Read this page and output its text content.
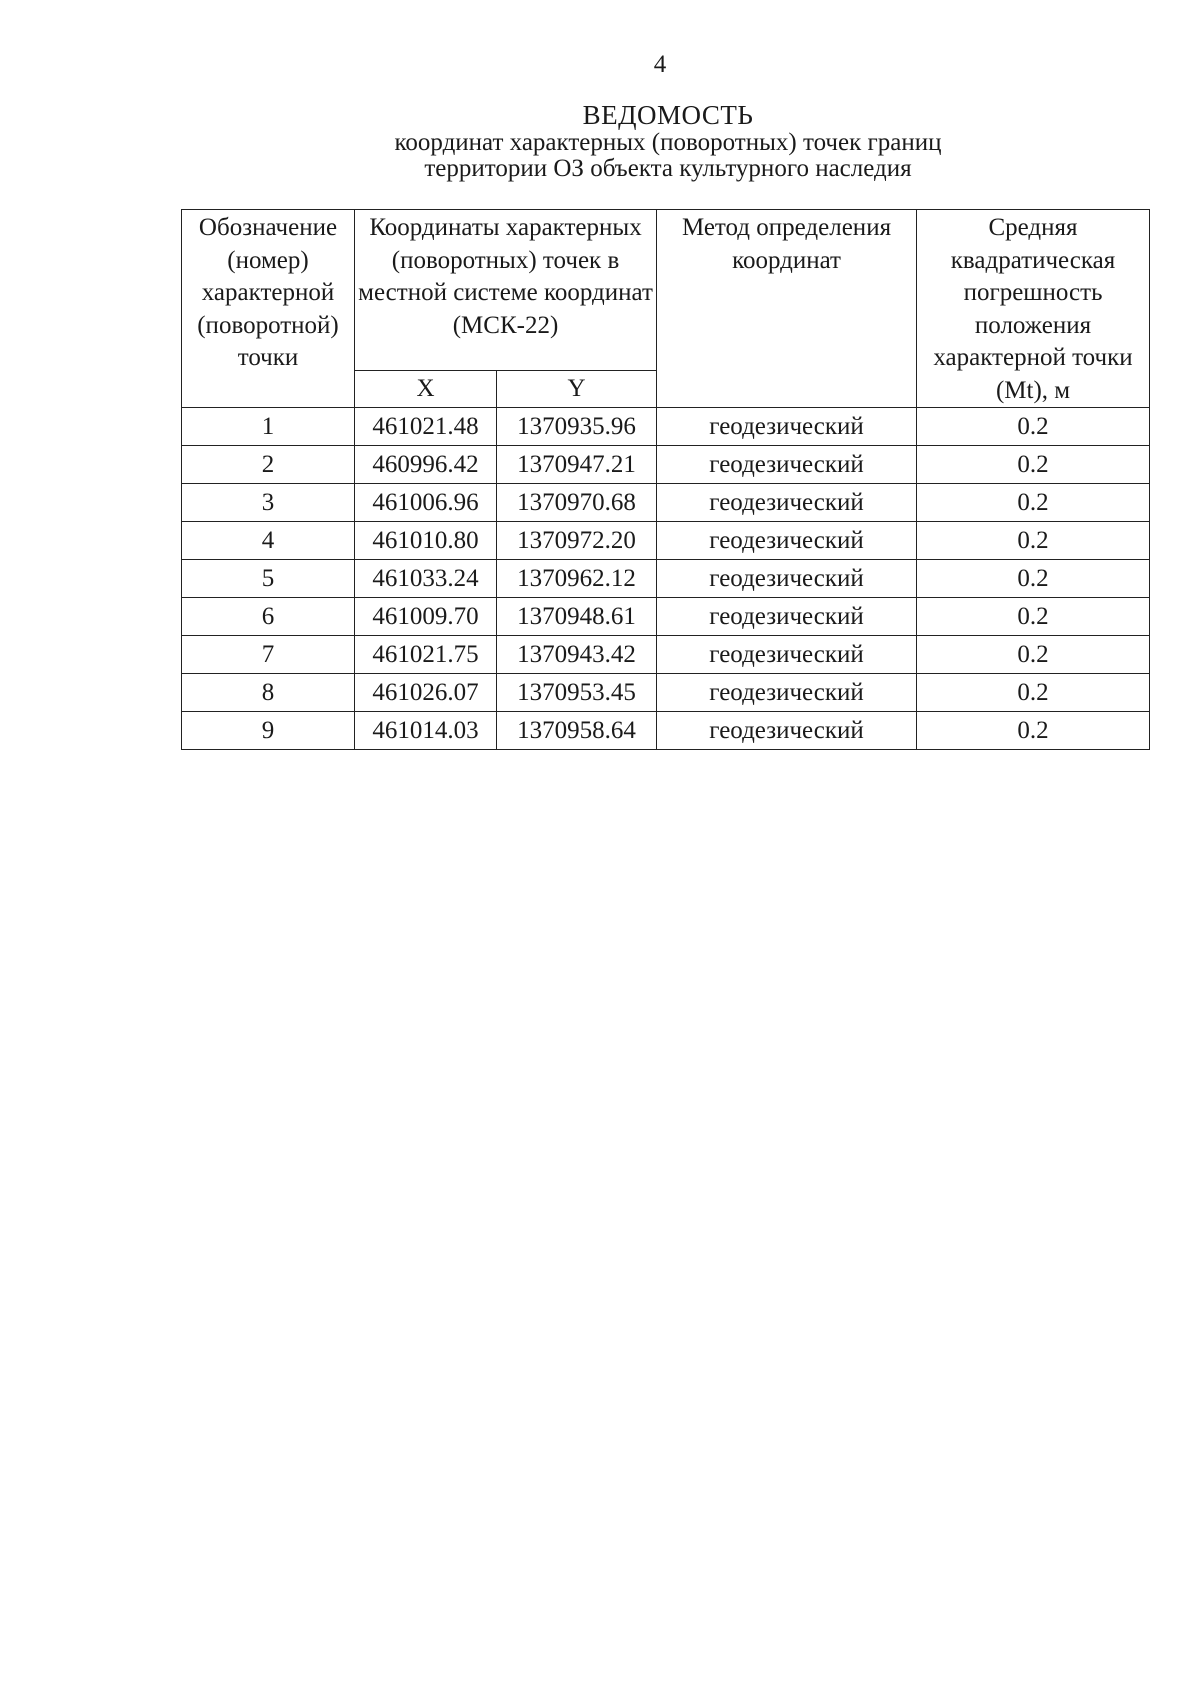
4
ВЕДОМОСТЬ
координат характерных (поворотных) точек границ
территории ОЗ объекта культурного наследия
Обозначение (номер) характерной (поворотной) точки	Координаты характерных (поворотных) точек в местной системе координат (МСК-22)		Метод определения координат	Средняя квадратическая погрешность положения характерной точки (Mt), м
	X	Y		
1	461021.48	1370935.96	геодезический	0.2
2	460996.42	1370947.21	геодезический	0.2
3	461006.96	1370970.68	геодезический	0.2
4	461010.80	1370972.20	геодезический	0.2
5	461033.24	1370962.12	геодезический	0.2
6	461009.70	1370948.61	геодезический	0.2
7	461021.75	1370943.42	геодезический	0.2
8	461026.07	1370953.45	геодезический	0.2
9	461014.03	1370958.64	геодезический	0.2
